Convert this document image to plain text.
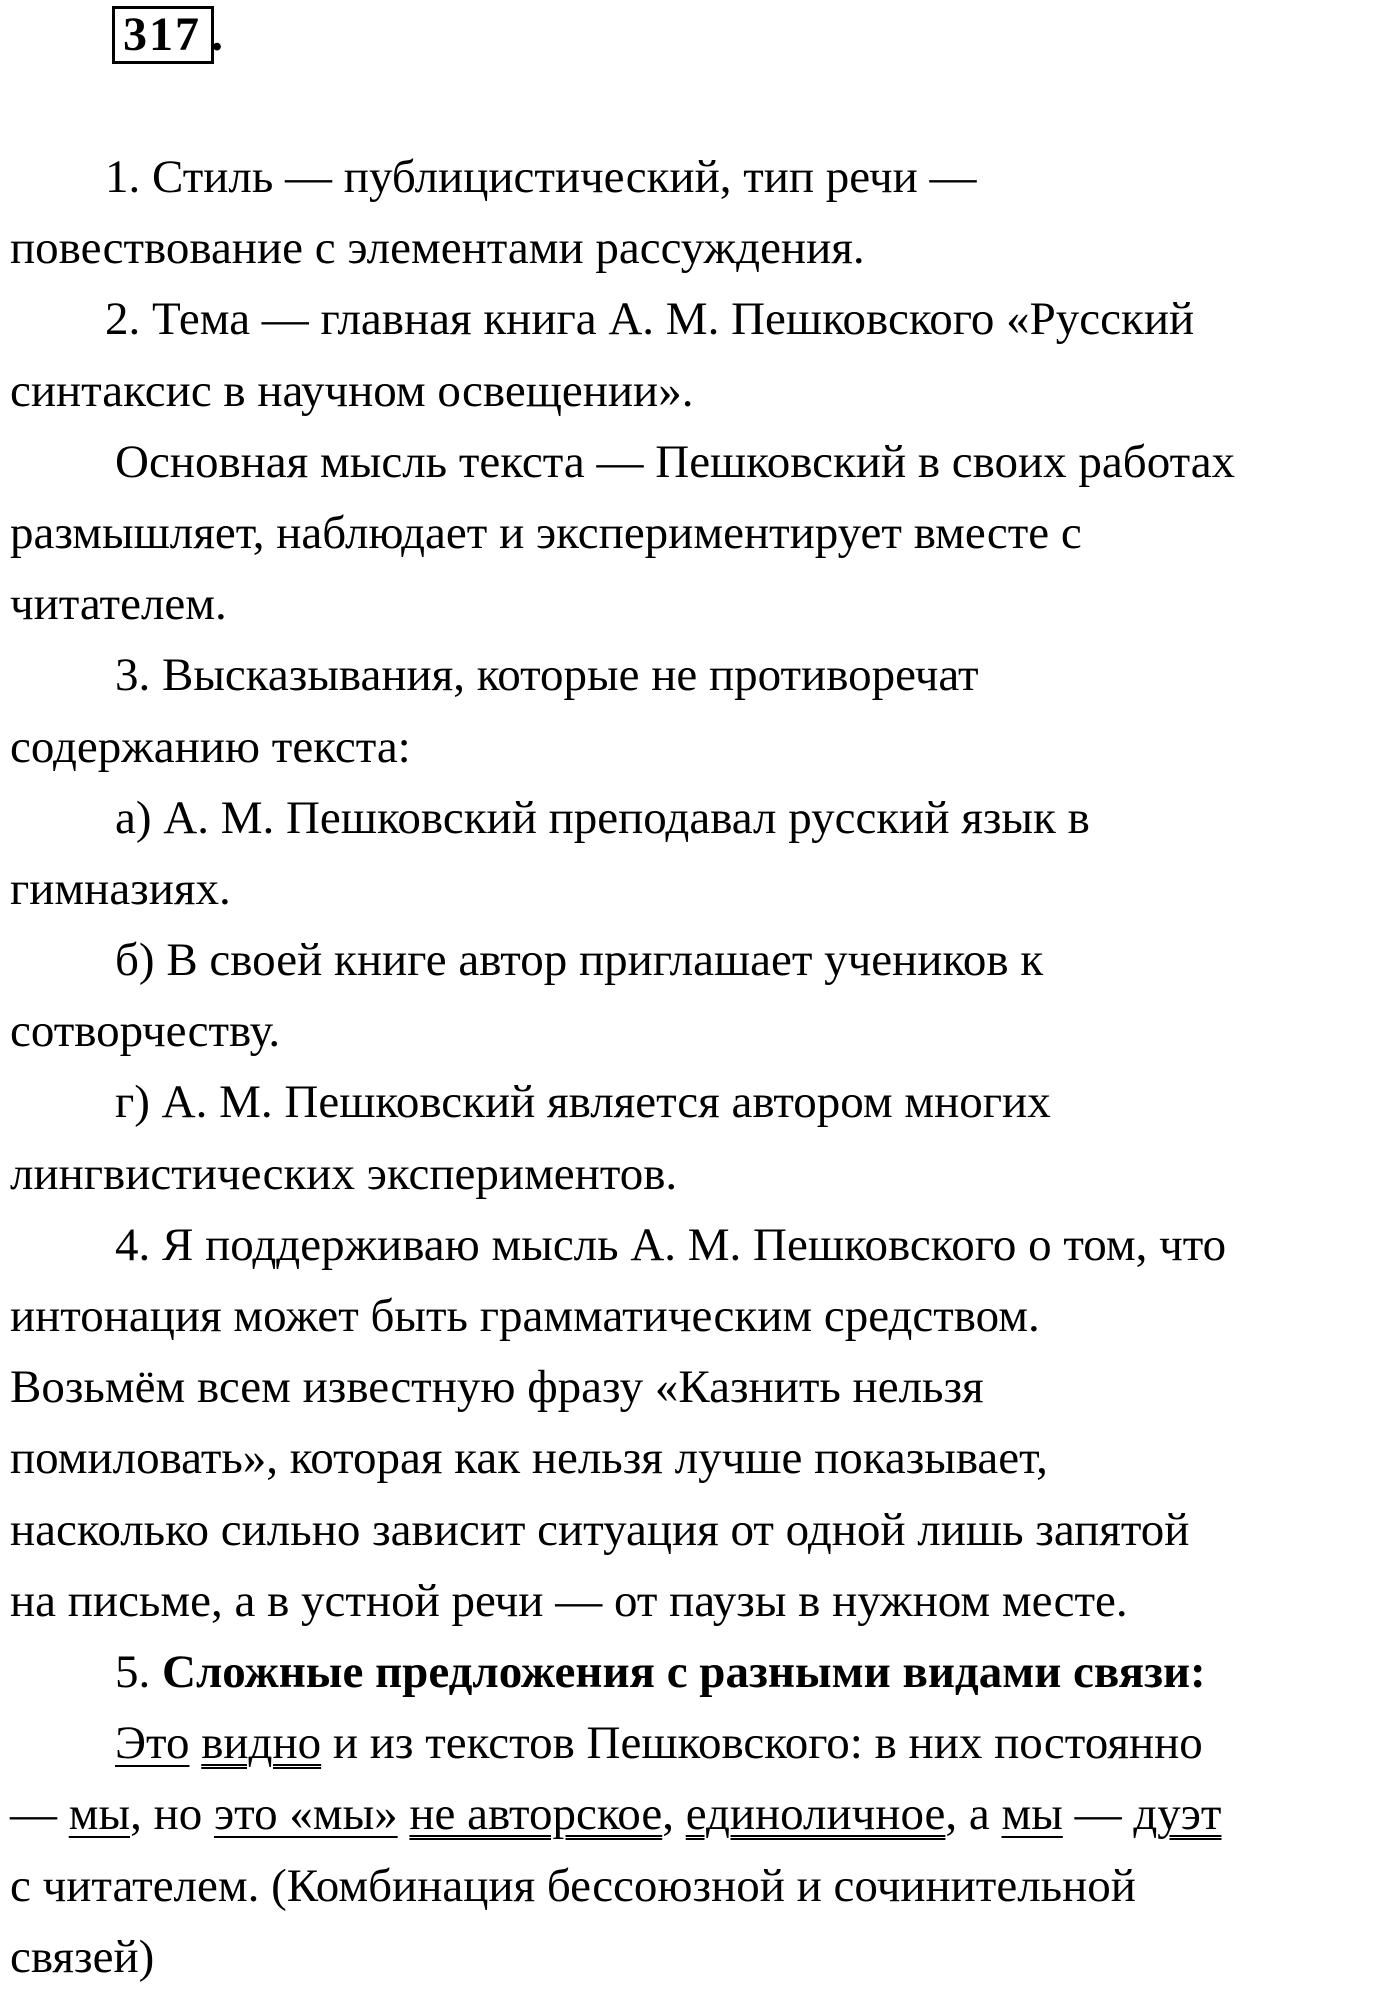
317 .
1. Стиль — публицистический, тип речи —
повествование с элементами рассуждения.
2. Тема — главная книга А. М. Пешковского «Русский
синтаксис в научном освещении».
Основная мысль текста — Пешковский в своих работах
размышляет, наблюдает и экспериментирует вместе с
читателем.
3. Высказывания, которые не противоречат
содержанию текста:
а) А. М. Пешковский преподавал русский язык в
гимназиях.
б) В своей книге автор приглашает учеников к
сотворчеству.
г) А. М. Пешковский является автором многих
лингвистических экспериментов.
4. Я поддерживаю мысль А. М. Пешковского о том, что
интонация может быть грамматическим средством.
Возьмём всем известную фразу «Казнить нельзя
помиловать», которая как нельзя лучше показывает,
насколько сильно зависит ситуация от одной лишь запятой
на письме, а в устной речи — от паузы в нужном месте.
5. Сложные предложения с разными видами связи:
Это видно и из текстов Пешковского: в них постоянно
— мы, но это «мы» не авторское, единоличное, а мы — дуэт
с читателем. (Комбинация бессоюзной и сочинительной
связей)
